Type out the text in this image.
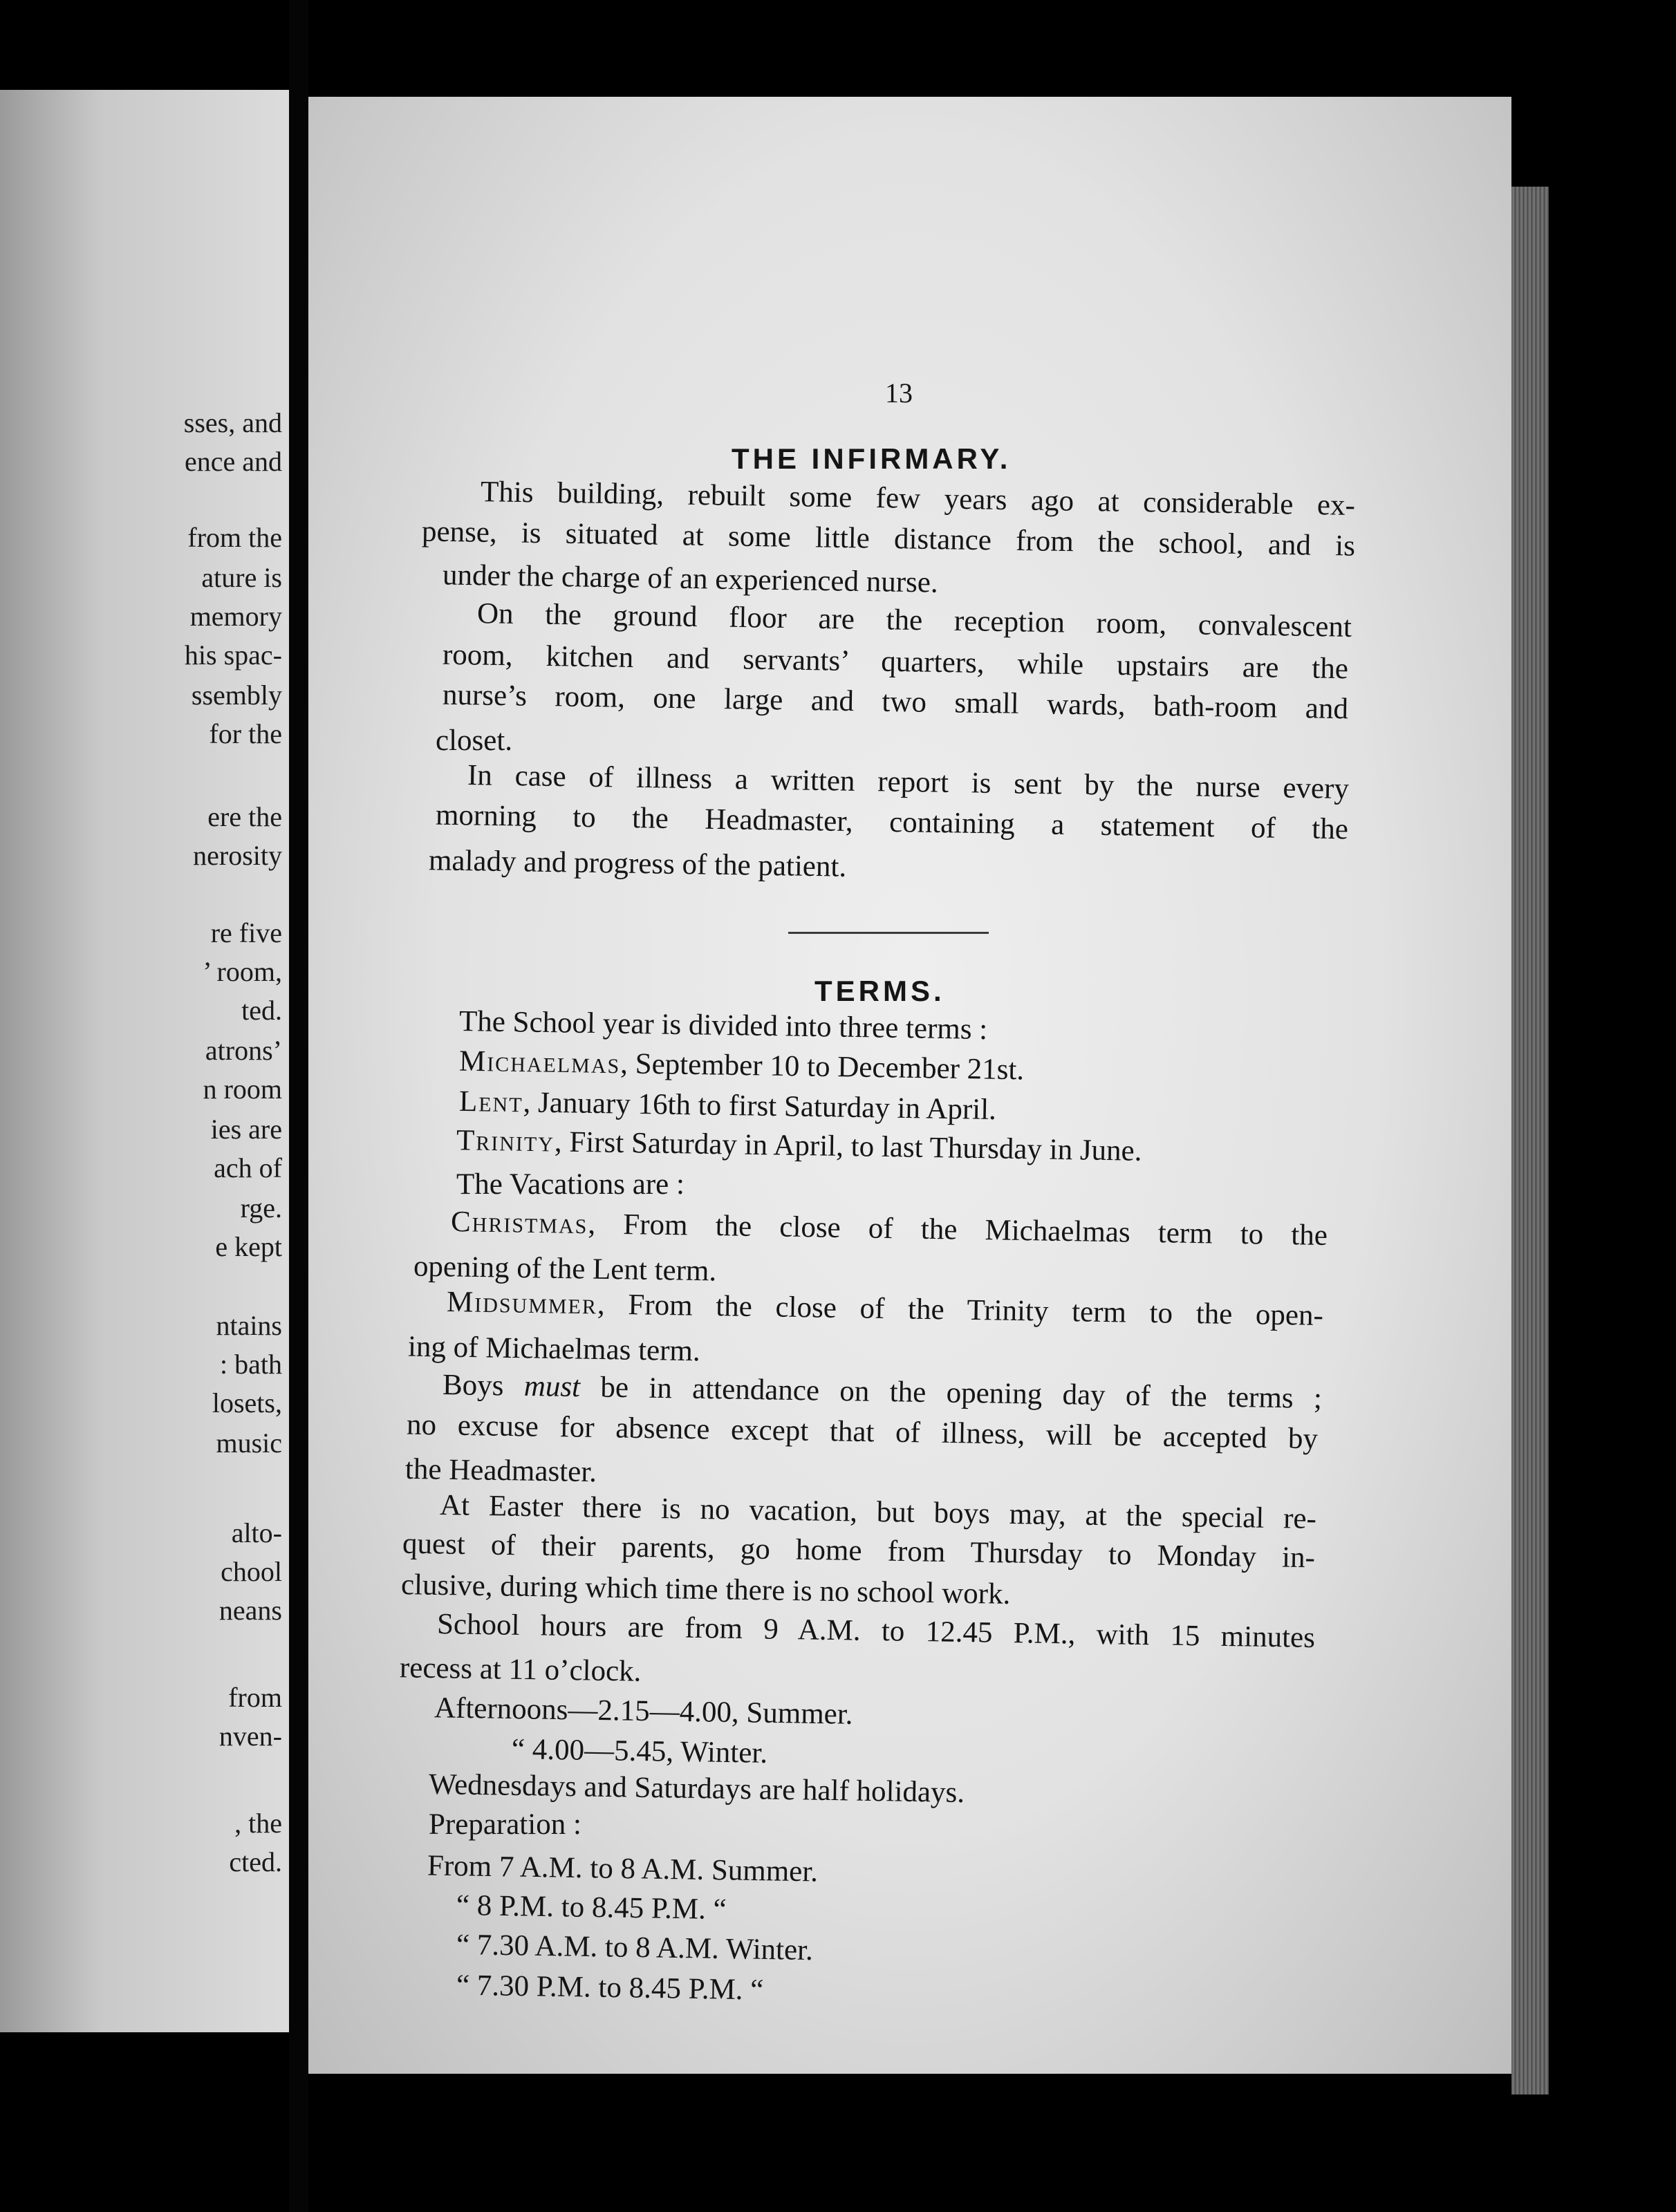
sses, and

ence and

from the

ature is

memory

his spac-

ssembly

for the

ere the

nerosity

re five

’ room,

ted.

atrons’

n room

ies are

ach of

rge.

e kept

ntains

: bath

losets,

music

alto-

chool

neans

from

nven-

, the

cted.

13

THE INFIRMARY.

This building, rebuilt some few years ago at considerable ex-

pense, is situated at some little distance from the school, and is

under the charge of an experienced nurse.

On the ground floor are the reception room, convalescent

room, kitchen and servants’ quarters, while upstairs are the

nurse’s room, one large and two small wards, bath-room and

closet.

In case of illness a written report is sent by the nurse every

morning to the Headmaster, containing a statement of the

malady and progress of the patient.

TERMS.

The School year is divided into three terms :

Michaelmas, September 10 to December 21st.

Lent, January 16th to first Saturday in April.

Trinity, First Saturday in April, to last Thursday in June.

The Vacations are :

Christmas, From the close of the Michaelmas term to the

opening of the Lent term.

Midsummer, From the close of the Trinity term to the open-

ing of Michaelmas term.

Boys must be in attendance on the opening day of the terms ;

no excuse for absence except that of illness, will be accepted by

the Headmaster.

At Easter there is no vacation, but boys may, at the special re-

quest of their parents, go home from Thursday to Monday in-

clusive, during which time there is no school work.

School hours are from 9 A.M. to 12.45 P.M., with 15 minutes

recess at 11 o’clock.

Afternoons—2.15—4.00, Summer.

“ 4.00—5.45, Winter.

Wednesdays and Saturdays are half holidays.

Preparation :

From 7 A.M. to 8 A.M. Summer.

“ 8 P.M. to 8.45 P.M. “

“ 7.30 A.M. to 8 A.M. Winter.

“ 7.30 P.M. to 8.45 P.M. “
